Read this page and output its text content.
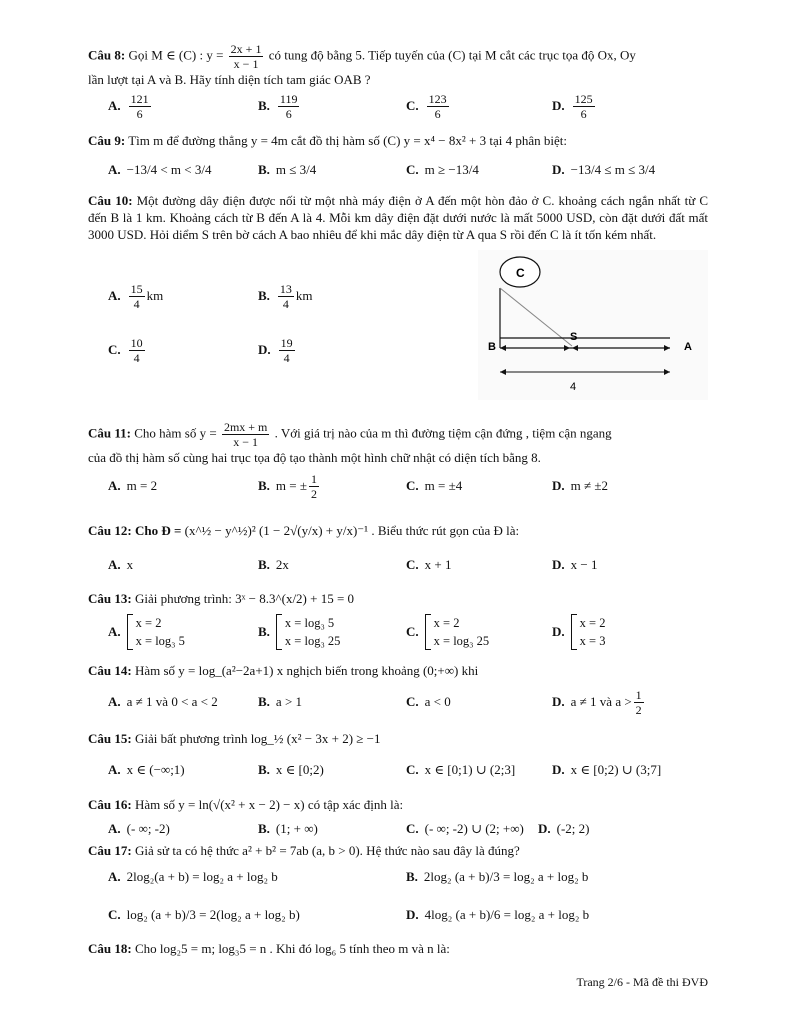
Câu 8: Gọi M ∈ (C) : $y = \frac{2x + 1}{x - 1}$ có tung độ bằng 5. Tiếp tuyến của (C) tại M cắt các trục tọa độ Ox, Oy
lần lượt tại A và B. Hãy tính diện tích tam giác OAB ?
A. $\frac{121}{6}$	B. $\frac{119}{6}$	C. $\frac{123}{6}$	D. $\frac{125}{6}$
Câu 9: Tìm m để đường thẳng y = 4m cắt đồ thị hàm số (C) y = x⁴ − 8x² + 3 tại 4 phân biệt:
A. −13/4 < m < 3/4	B. m ≤ 3/4	C. m ≥ −13/4	D. −13/4 ≤ m ≤ 3/4
Câu 10: Một đường dây điện được nối từ một nhà máy điện ở A đến một hòn đảo ở C. khoảng cách ngắn nhất từ C đến B là 1 km. Khoảng cách từ B đến A là 4. Mỗi km dây điện đặt dưới nước là mất 5000 USD, còn đặt dưới đất mất 3000 USD. Hỏi diểm S trên bờ cách A bao nhiêu để khi mắc dây điện từ A qua S rồi đến C là ít tốn kém nhất.
A. $\frac{15}{4}$ km	B. $\frac{13}{4}$ km
C. $\frac{10}{4}$	D. $\frac{19}{4}$
C
B
S
A
4
Câu 11: Cho hàm số $y = \frac{2mx + m}{x - 1}$ . Với giá trị nào của m thì đường tiệm cận đứng , tiệm cận ngang
của đồ thị hàm số cùng hai trục tọa độ tạo thành một hình chữ nhật có diện tích bằng 8.
A. m = 2	B. m = ± $\frac{1}{2}$	C. m = ±4	D. m ≠ ±2
Câu 12: Cho Đ = (x^½ − y^½)² (1 − 2√(y/x) + y/x)⁻¹ . Biểu thức rút gọn của Đ là:
A. x	B. 2x	C. x + 1	D. x − 1
Câu 13: Giải phương trình: 3ˣ − 8.3^(x/2) + 15 = 0
A.
x = 2
x = log₃ 5
B.
x = log₃ 5
x = log₃ 25
C.
x = 2
x = log₃ 25
D.
x = 2
x = 3
Câu 14: Hàm số y = log_(a²−2a+1) x nghịch biến trong khoảng (0;+∞) khi
A. a ≠ 1 và 0 < a < 2	B. a > 1	C. a < 0	D. a ≠ 1 và $a > \frac{1}{2}$
Câu 15: Giải bất phương trình log_½ (x² − 3x + 2) ≥ −1
A. x ∈ (−∞;1)	B. x ∈ [0;2)	C. x ∈ [0;1) ∪ (2;3]	D. x ∈ [0;2) ∪ (3;7]
Câu 16: Hàm số y = ln(√(x² + x − 2) − x) có tập xác định là:
A. (- ∞; -2)	B. (1; + ∞)	C. (- ∞; -2) ∪ (2; +∞) D. (-2; 2)
Câu 17: Giả sử ta có hệ thức a² + b² = 7ab (a, b > 0). Hệ thức nào sau đây là đúng?
A. 2log₂(a + b) = log₂ a + log₂ b	B. 2log₂ (a + b)/3 = log₂ a + log₂ b
C. log₂ (a + b)/3 = 2(log₂ a + log₂ b)	D. 4log₂ (a + b)/6 = log₂ a + log₂ b
Câu 18: Cho log₂5 = m; log₃5 = n . Khi đó log₆ 5 tính theo m và n là:
Trang 2/6 - Mã đề thi ĐVĐ
